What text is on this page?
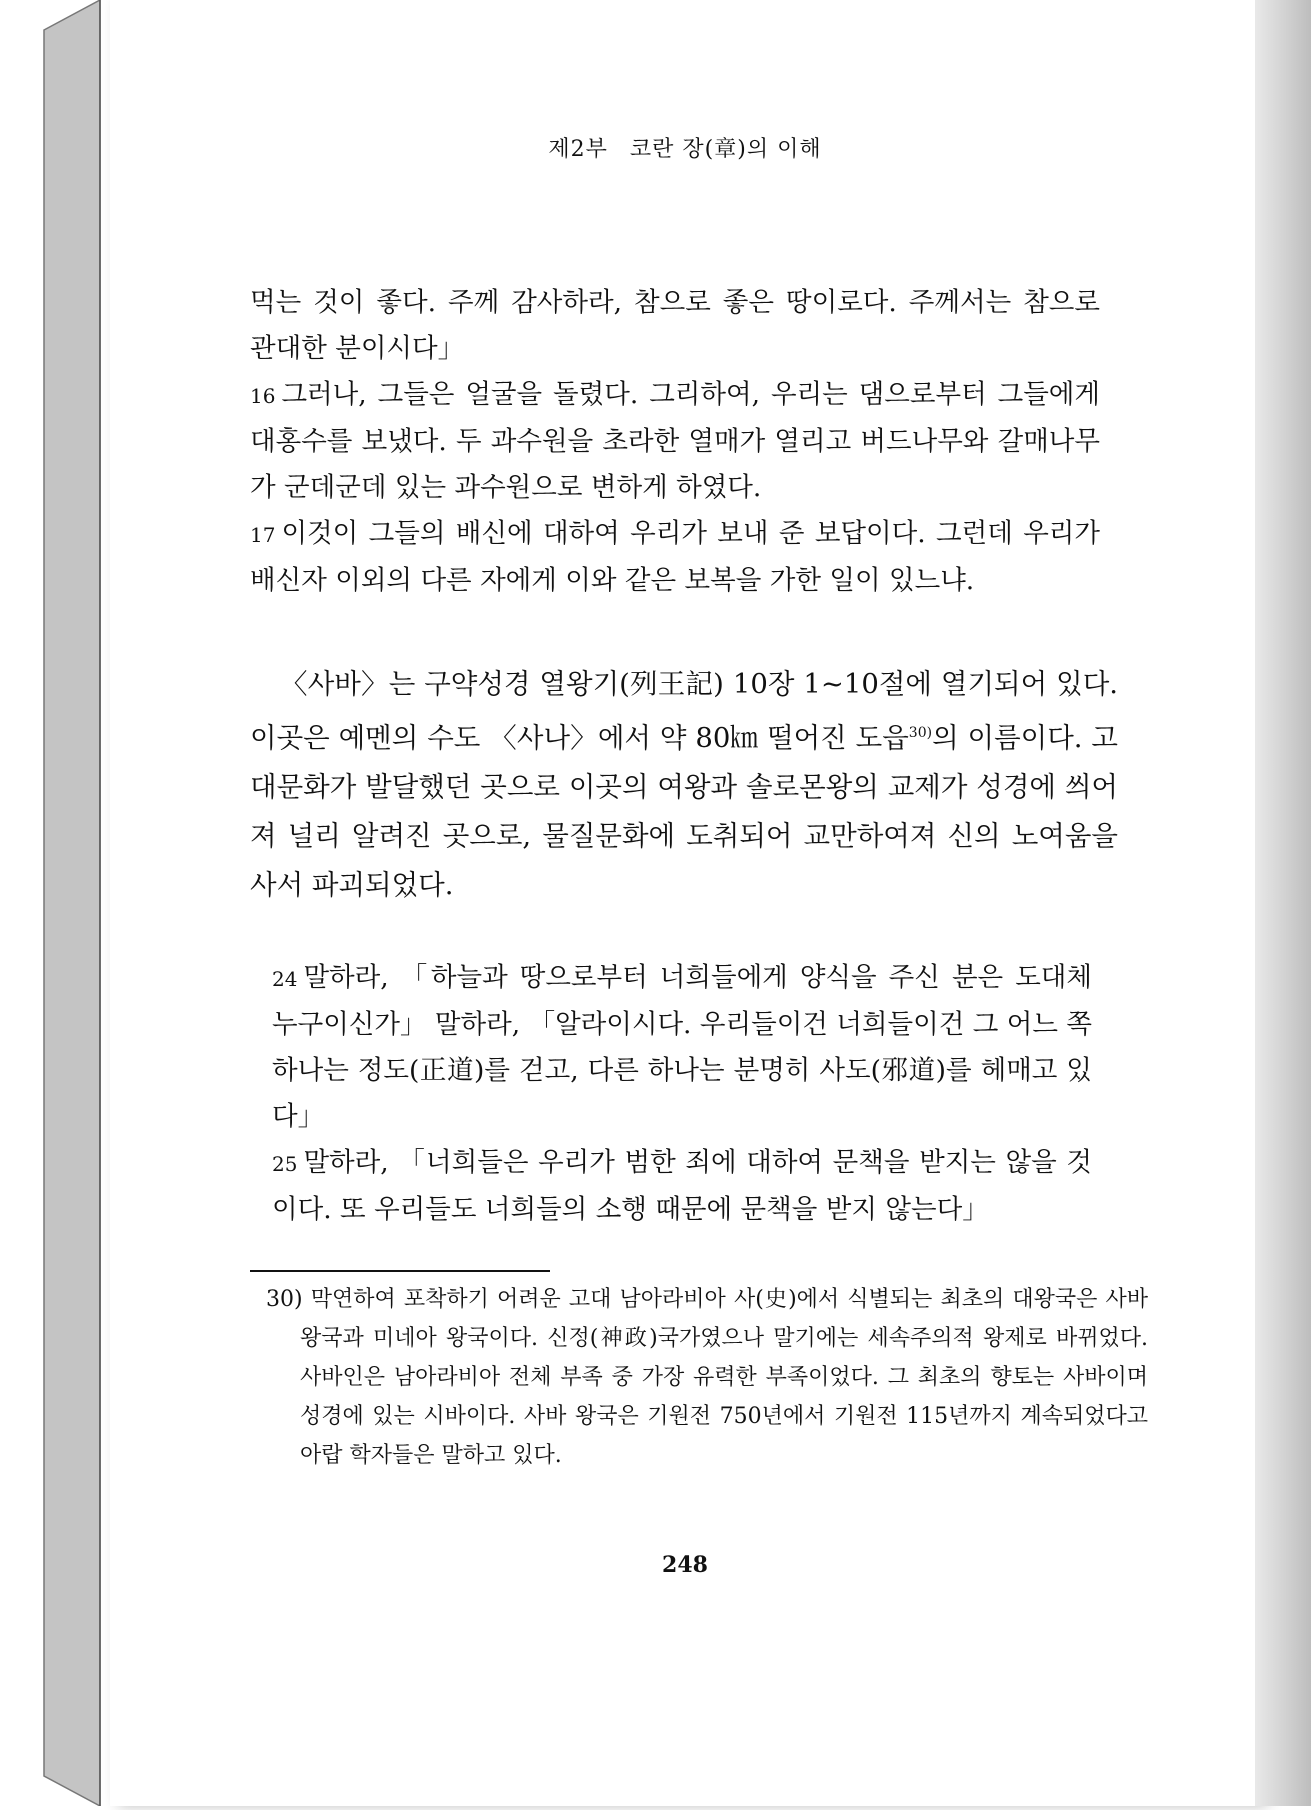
제2부 코란 장(章)의 이해

먹는 것이 좋다. 주께 감사하라, 참으로 좋은 땅이로다. 주께서는 참으로 관대한 분이시다」

16 그러나, 그들은 얼굴을 돌렸다. 그리하여, 우리는 댐으로부터 그들에게 대홍수를 보냈다. 두 과수원을 초라한 열매가 열리고 버드나무와 갈매나무가 군데군데 있는 과수원으로 변하게 하였다.

17 이것이 그들의 배신에 대하여 우리가 보내 준 보답이다. 그런데 우리가 배신자 이외의 다른 자에게 이와 같은 보복을 가한 일이 있느냐.

〈사바〉는 구약성경 열왕기(列王記) 10장 1~10절에 열기되어 있다. 이곳은 예멘의 수도 〈사나〉에서 약 80㎞ 떨어진 도읍$^{30)}$의 이름이다. 고대문화가 발달했던 곳으로 이곳의 여왕과 솔로몬왕의 교제가 성경에 씌어져 널리 알려진 곳으로, 물질문화에 도취되어 교만하여져 신의 노여움을 사서 파괴되었다.

24 말하라, 「하늘과 땅으로부터 너희들에게 양식을 주신 분은 도대체 누구이신가」 말하라, 「알라이시다. 우리들이건 너희들이건 그 어느 쪽 하나는 정도(正道)를 걷고, 다른 하나는 분명히 사도(邪道)를 헤매고 있다」

25 말하라, 「너희들은 우리가 범한 죄에 대하여 문책을 받지는 않을 것이다. 또 우리들도 너희들의 소행 때문에 문책을 받지 않는다」

30) 막연하여 포착하기 어려운 고대 남아라비아 사(史)에서 식별되는 최초의 대왕국은 사바 왕국과 미네아 왕국이다. 신정(神政)국가였으나 말기에는 세속주의적 왕제로 바뀌었다. 사바인은 남아라비아 전체 부족 중 가장 유력한 부족이었다. 그 최초의 향토는 사바이며 성경에 있는 시바이다. 사바 왕국은 기원전 750년에서 기원전 115년까지 계속되었다고 아랍 학자들은 말하고 있다.

248
